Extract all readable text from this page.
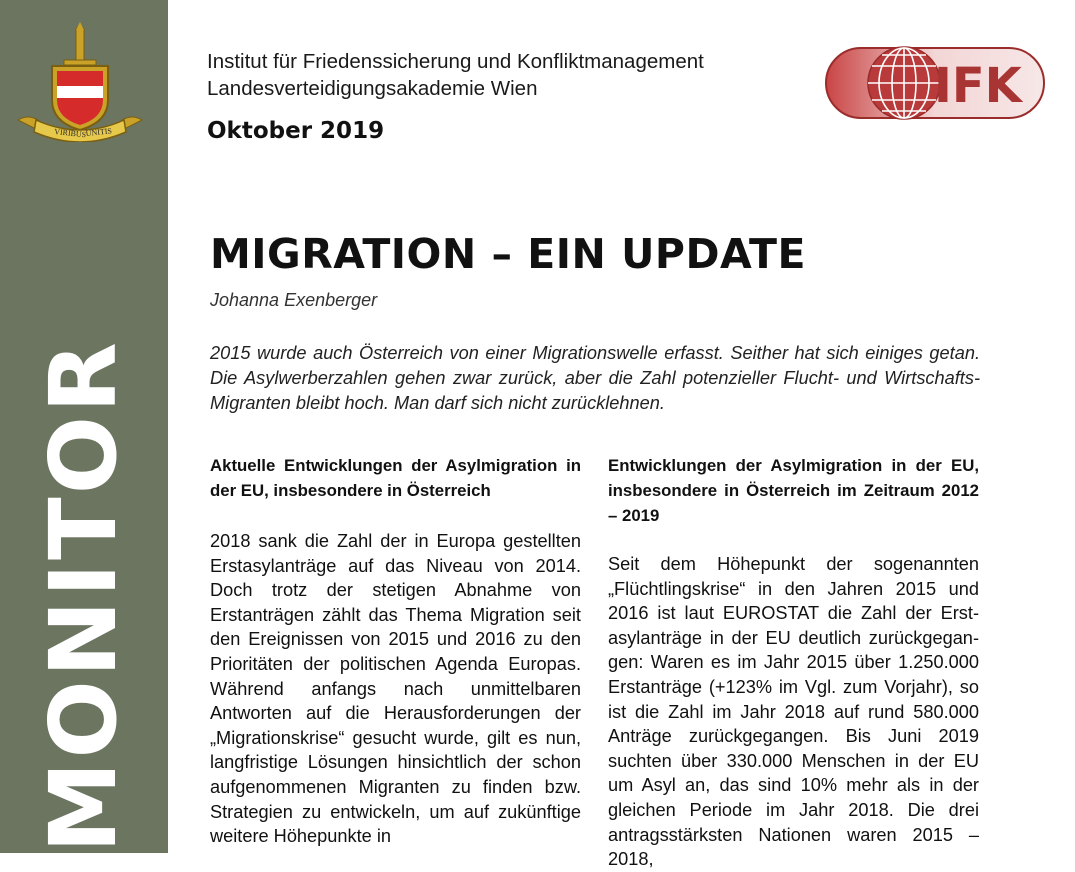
VIRIBUS
UNITIS
MONITOR
Institut für Friedenssicherung und Konfliktmanagement
Landesverteidigungsakademie Wien
Oktober 2019
IFK
MIGRATION – EIN UPDATE
Johanna Exenberger

2015 wurde auch Österreich von einer Migrationswelle erfasst. Seither hat sich einiges getan. Die Asylwerberzahlen gehen zwar zurück, aber die Zahl potenzieller Flucht- und Wirtschafts-Migranten bleibt hoch. Man darf sich nicht zurücklehnen.

Aktuelle Entwicklungen der Asylmigration in der EU, insbesondere in Österreich

2018 sank die Zahl der in Europa gestellten Erstasylanträge auf das Niveau von 2014. Doch trotz der stetigen Abnahme von Erstanträgen zählt das Thema Migration seit den Ereignissen von 2015 und 2016 zu den Prioritäten der politischen Agenda Europas. Während anfangs nach unmittelbaren Antworten auf die Herausforderungen der „Migrationskrise“ gesucht wurde, gilt es nun, langfristige Lösungen hinsichtlich der schon aufgenommenen Migranten zu finden bzw. Strategien zu entwickeln, um auf zukünftige weitere Höhepunkte in

Entwicklungen der Asylmigration in der EU, insbesondere in Österreich im Zeitraum 2012 – 2019

Seit dem Höhepunkt der sogenannten „Flüchtlingskrise“ in den Jahren 2015 und 2016 ist laut EUROSTAT die Zahl der Erstasylanträge in der EU deutlich zurückgegangen: Waren es im Jahr 2015 über 1.250.000 Erstanträge (+123% im Vgl. zum Vorjahr), so ist die Zahl im Jahr 2018 auf rund 580.000 Anträge zurückgegangen. Bis Juni 2019 suchten über 330.000 Menschen in der EU um Asyl an, das sind 10% mehr als in der gleichen Periode im Jahr 2018. Die drei antragsstärksten Nationen waren 2015 – 2018,
